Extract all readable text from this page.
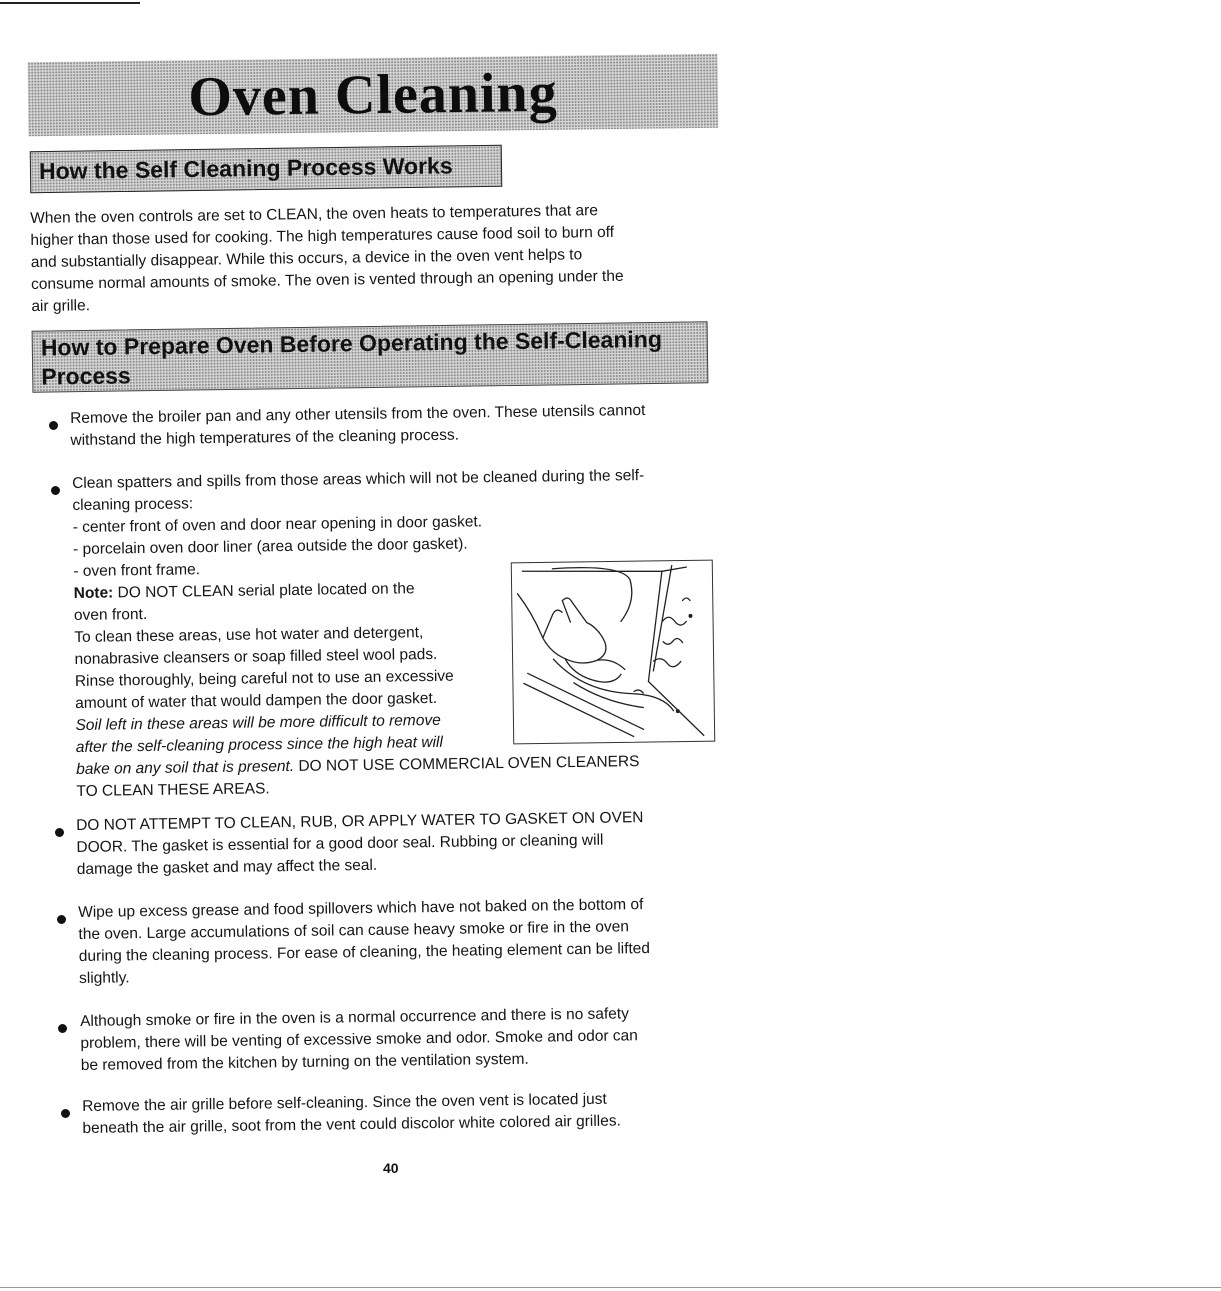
Oven Cleaning
How the Self Cleaning Process Works
When the oven controls are set to CLEAN, the oven heats to temperatures that are
higher than those used for cooking. The high temperatures cause food soil to burn off
and substantially disappear. While this occurs, a device in the oven vent helps to
consume normal amounts of smoke. The oven is vented through an opening under the
air grille.
How to Prepare Oven Before Operating the Self-Cleaning Process
Remove the broiler pan and any other utensils from the oven. These utensils cannot
withstand the high temperatures of the cleaning process.
Clean spatters and spills from those areas which will not be cleaned during the self-
cleaning process:
- center front of oven and door near opening in door gasket.
- porcelain oven door liner (area outside the door gasket).
- oven front frame.
Note: DO NOT CLEAN serial plate located on the
oven front.
To clean these areas, use hot water and detergent,
nonabrasive cleansers or soap filled steel wool pads.
Rinse thoroughly, being careful not to use an excessive
amount of water that would dampen the door gasket.
Soil left in these areas will be more difficult to remove
after the self-cleaning process since the high heat will
bake on any soil that is present. DO NOT USE COMMERCIAL OVEN CLEANERS
TO CLEAN THESE AREAS.
DO NOT ATTEMPT TO CLEAN, RUB, OR APPLY WATER TO GASKET ON OVEN
DOOR. The gasket is essential for a good door seal. Rubbing or cleaning will
damage the gasket and may affect the seal.
Wipe up excess grease and food spillovers which have not baked on the bottom of
the oven. Large accumulations of soil can cause heavy smoke or fire in the oven
during the cleaning process. For ease of cleaning, the heating element can be lifted
slightly.
Although smoke or fire in the oven is a normal occurrence and there is no safety
problem, there will be venting of excessive smoke and odor. Smoke and odor can
be removed from the kitchen by turning on the ventilation system.
Remove the air grille before self-cleaning. Since the oven vent is located just
beneath the air grille, soot from the vent could discolor white colored air grilles.
40
